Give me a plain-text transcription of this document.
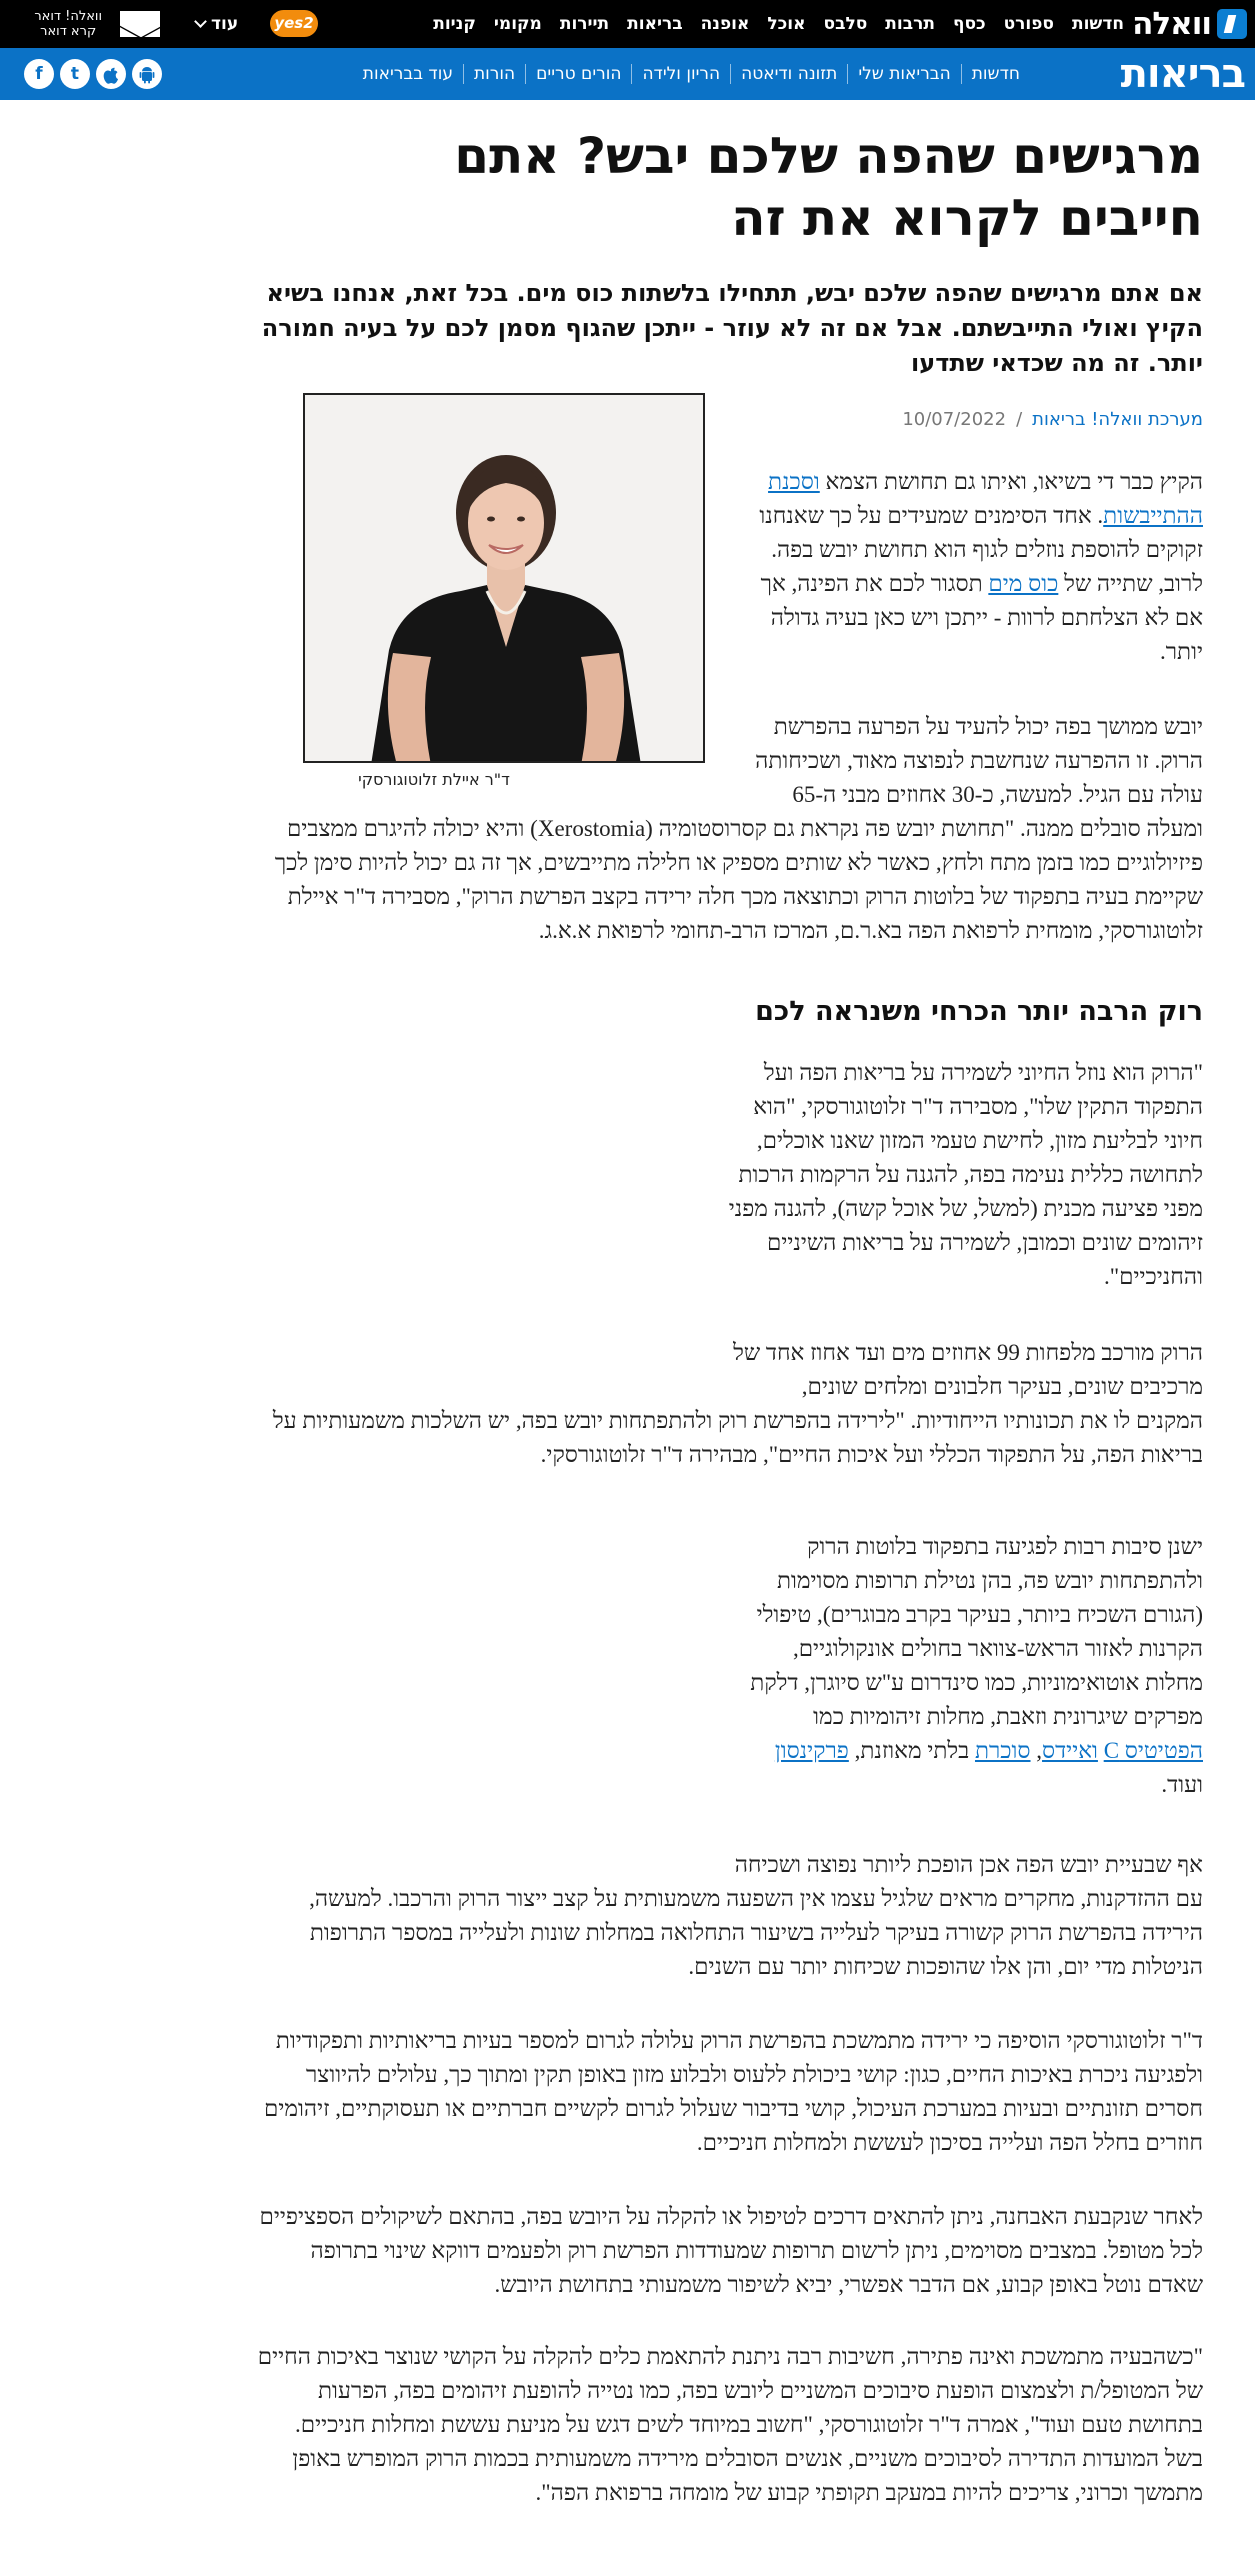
וואלה
חדשות
ספורט
כסף
תרבות
סלבס
אוכל
אופנה
בריאות
תיירות
מקומי
קניות
yes2
עוד
וואלה! דואר
קרא דואר
בריאות
חדשות
הבריאות שלי
תזונה ודיאטה
הריון ולידה
הורים טריים
הורות
עוד בבריאות
f	t
מרגישים שהפה שלכם יבש? אתם חייבים לקרוא את זה

אם אתם מרגישים שהפה שלכם יבש, תתחילו בלשתות כוס מים. בכל זאת, אנחנו בשיא הקיץ ואולי התייבשתם. אבל אם זה לא עוזר - ייתכן שהגוף מסמן לכם על בעיה חמורה יותר. זה מה שכדאי שתדעו

מערכת וואלה! בריאות
/
10/07/2022
ד"ר איילת זלוטוגורסקי

הקיץ כבר די בשיאו, ואיתו גם תחושת הצמא וסכנת ההתייבשות. אחד הסימנים שמעידים על כך שאנחנו זקוקים להוספת נוזלים לגוף הוא תחושת יובש בפה. לרוב, שתייה של כוס מים תסגור לכם את הפינה, אך אם לא הצלחתם לרוות - ייתכן ויש כאן בעיה גדולה יותר.

יובש ממושך בפה יכול להעיד על הפרעה בהפרשת הרוק. זו ההפרעה שנחשבת לנפוצה מאוד, ושכיחותה עולה עם הגיל. למעשה, כ-30 אחוזים מבני ה-65 ומעלה סובלים ממנה. "תחושת יובש פה נקראת גם קסרוסטומיה (Xerostomia) והיא יכולה להיגרם ממצבים פיזיולוגיים כמו בזמן מתח ולחץ, כאשר לא שותים מספיק או חלילה מתייבשים, אך זה גם יכול להיות סימן לכך שקיימת בעיה בתפקוד של בלוטות הרוק וכתוצאה מכך חלה ירידה בקצב הפרשת הרוק", מסבירה ד"ר איילת זלוטוגורסקי, מומחית לרפואת הפה בא.ר.ם, המרכז הרב-תחומי לרפואת א.א.ג.

רוק הרבה יותר הכרחי משנראה לכם

"הרוק הוא נוזל החיוני לשמירה על בריאות הפה ועל התפקוד התקין שלו", מסבירה ד"ר זלוטוגורסקי, "הוא חיוני לבליעת מזון, לחישת טעמי המזון שאנו אוכלים, לתחושה כללית נעימה בפה, להגנה על הרקמות הרכות מפני פציעה מכנית (למשל, של אוכל קשה), להגנה מפני זיהומים שונים וכמובן, לשמירה על בריאות השיניים והחניכיים".

הרוק מורכב מלפחות 99 אחוזים מים ועד אחוז אחד של מרכיבים שונים, בעיקר חלבונים ומלחים שונים,
המקנים לו את תכונותיו הייחודיות. "לירידה בהפרשת רוק ולהתפתחות יובש בפה, יש השלכות משמעותיות על בריאות הפה, על התפקוד הכללי ועל איכות החיים", מבהירה ד"ר זלוטוגורסקי.

ישנן סיבות רבות לפגיעה בתפקוד בלוטות הרוק ולהתפתחות יובש פה, בהן נטילת תרופות מסוימות (הגורם השכיח ביותר, בעיקר בקרב מבוגרים), טיפולי הקרנות לאזור הראש-צוואר בחולים אונקולוגיים, מחלות אוטואימוניות, כמו סינדרום ע"ש סיוגרן, דלקת מפרקים שיגרונית וזאבת, מחלות זיהומיות כמו הפטיטיס C ואיידס, סוכרת בלתי מאוזנת, פרקינסון ועוד.

אף שבעיית יובש הפה אכן הופכת ליותר נפוצה ושכיחה
עם ההזדקנות, מחקרים מראים שלגיל עצמו אין השפעה משמעותית על קצב ייצור הרוק והרכבו. למעשה, הירידה בהפרשת הרוק קשורה בעיקר לעלייה בשיעור התחלואה במחלות שונות ולעלייה במספר התרופות הניטלות מדי יום, והן אלו שהופכות שכיחות יותר עם השנים.

ד"ר זלוטוגורסקי הוסיפה כי ירידה מתמשכת בהפרשת הרוק עלולה לגרום למספר בעיות בריאותיות ותפקודיות ולפגיעה ניכרת באיכות החיים, כגון: קושי ביכולת ללעוס ולבלוע מזון באופן תקין ומתוך כך, עלולים להיווצר חסרים תזונתיים ובעיות במערכת העיכול, קושי בדיבור שעלול לגרום לקשיים חברתיים או תעסוקתיים, זיהומים חוזרים בחלל הפה ועלייה בסיכון לעששת ולמחלות חניכיים.

לאחר שנקבעת האבחנה, ניתן להתאים דרכים לטיפול או להקלה על היובש בפה, בהתאם לשיקולים הספציפיים לכל מטופל. במצבים מסוימים, ניתן לרשום תרופות שמעודדות הפרשת רוק ולפעמים דווקא שינוי בתרופה שאדם נוטל באופן קבוע, אם הדבר אפשרי, יביא לשיפור משמעותי בתחושת היובש.

"כשהבעיה מתמשכת ואינה פתירה, חשיבות רבה ניתנת להתאמת כלים להקלה על הקושי שנוצר באיכות החיים של המטופל/ת ולצמצום הופעת סיבוכים המשניים ליובש בפה, כמו נטייה להופעת זיהומים בפה, הפרעות בתחושת טעם ועוד", אמרה ד"ר זלוטוגורסקי, "חשוב במיוחד לשים דגש על מניעת עששת ומחלות חניכיים. בשל המועדות התדירה לסיבוכים משניים, אנשים הסובלים מירידה משמעותית בכמות הרוק המופרש באופן מתמשך וכרוני, צריכים להיות במעקב תקופתי קבוע של מומחה ברפואת הפה".
